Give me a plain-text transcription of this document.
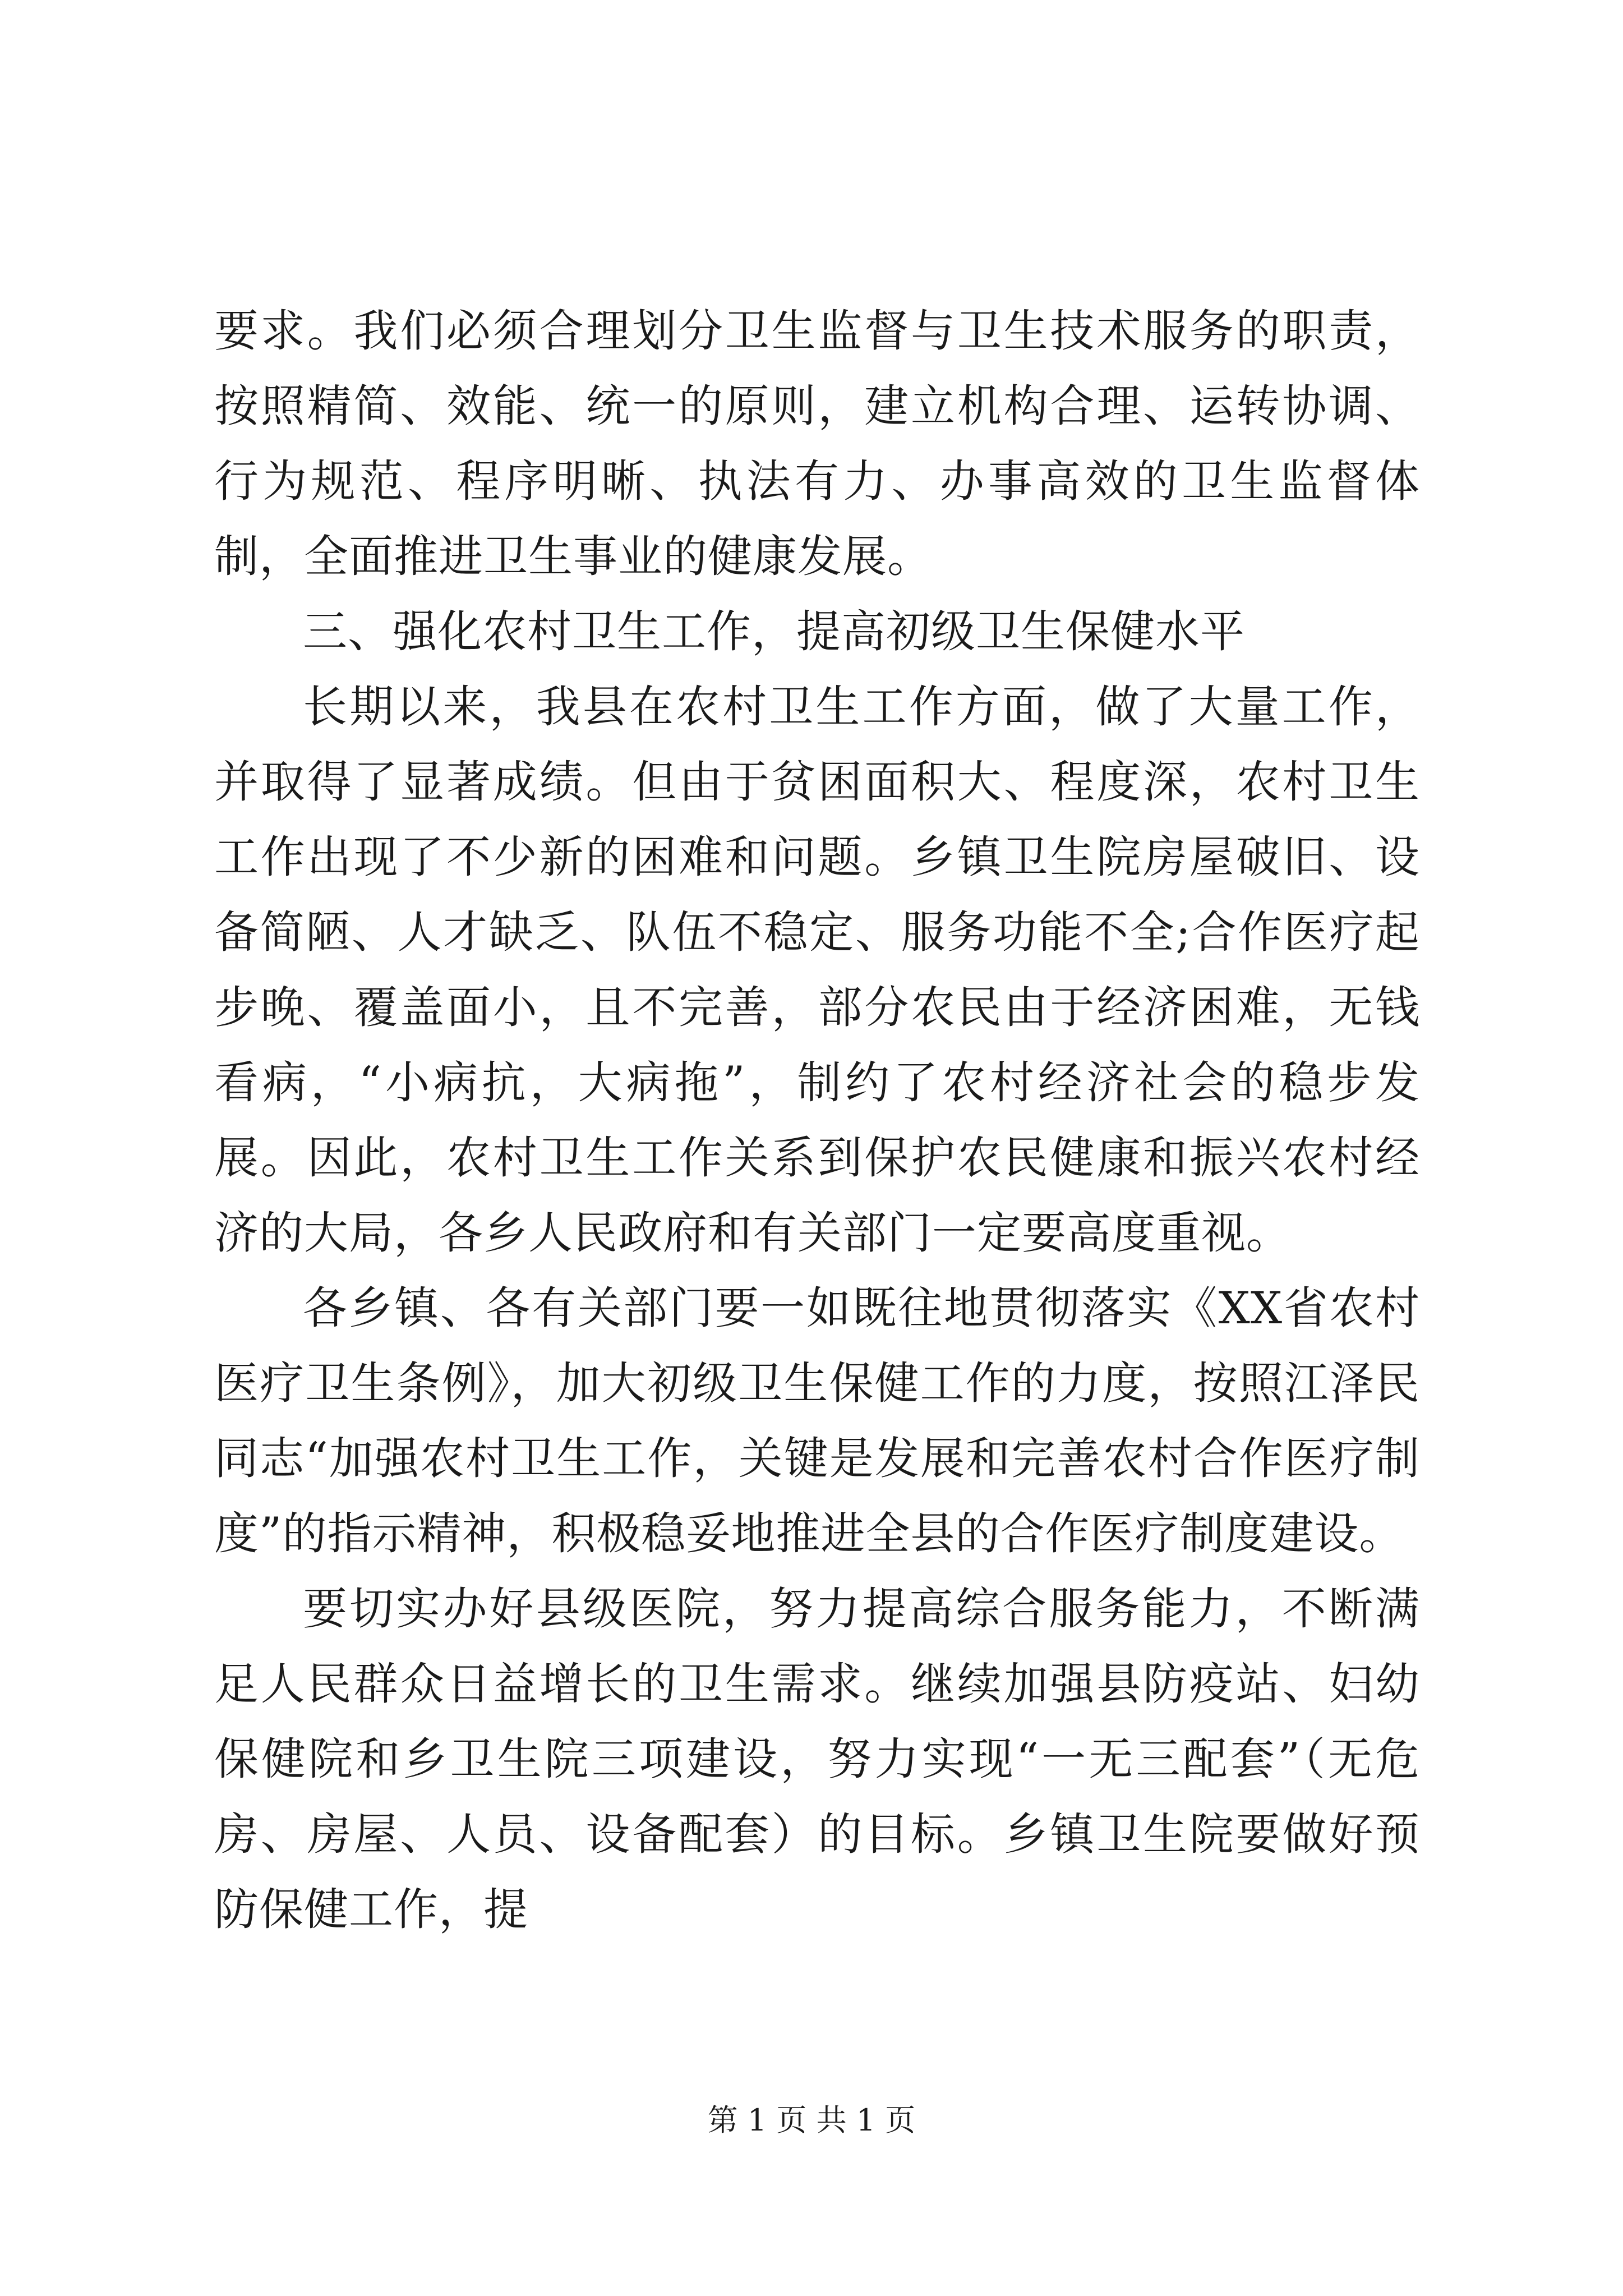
要求。我们必须合理划分卫生监督与卫生技术服务的职责，按照精简、效能、统一的原则，建立机构合理、运转协调、行为规范、程序明晰、执法有力、办事高效的卫生监督体制，全面推进卫生事业的健康发展。

三、强化农村卫生工作，提高初级卫生保健水平

长期以来，我县在农村卫生工作方面，做了大量工作，并取得了显著成绩。但由于贫困面积大、程度深，农村卫生工作出现了不少新的困难和问题。乡镇卫生院房屋破旧、设备简陋、人才缺乏、队伍不稳定、服务功能不全;合作医疗起步晚、覆盖面小，且不完善，部分农民由于经济困难，无钱看病，“小病抗，大病拖”，制约了农村经济社会的稳步发展。因此，农村卫生工作关系到保护农民健康和振兴农村经济的大局，各乡人民政府和有关部门一定要高度重视。

各乡镇、各有关部门要一如既往地贯彻落实《XX省农村医疗卫生条例》，加大初级卫生保健工作的力度，按照江泽民同志“加强农村卫生工作，关键是发展和完善农村合作医疗制度”的指示精神，积极稳妥地推进全县的合作医疗制度建设。

要切实办好县级医院，努力提高综合服务能力，不断满足人民群众日益增长的卫生需求。继续加强县防疫站、妇幼保健院和乡卫生院三项建设，努力实现“一无三配套”（无危房、房屋、人员、设备配套）的目标。乡镇卫生院要做好预防保健工作，提

第 1 页 共 1 页
